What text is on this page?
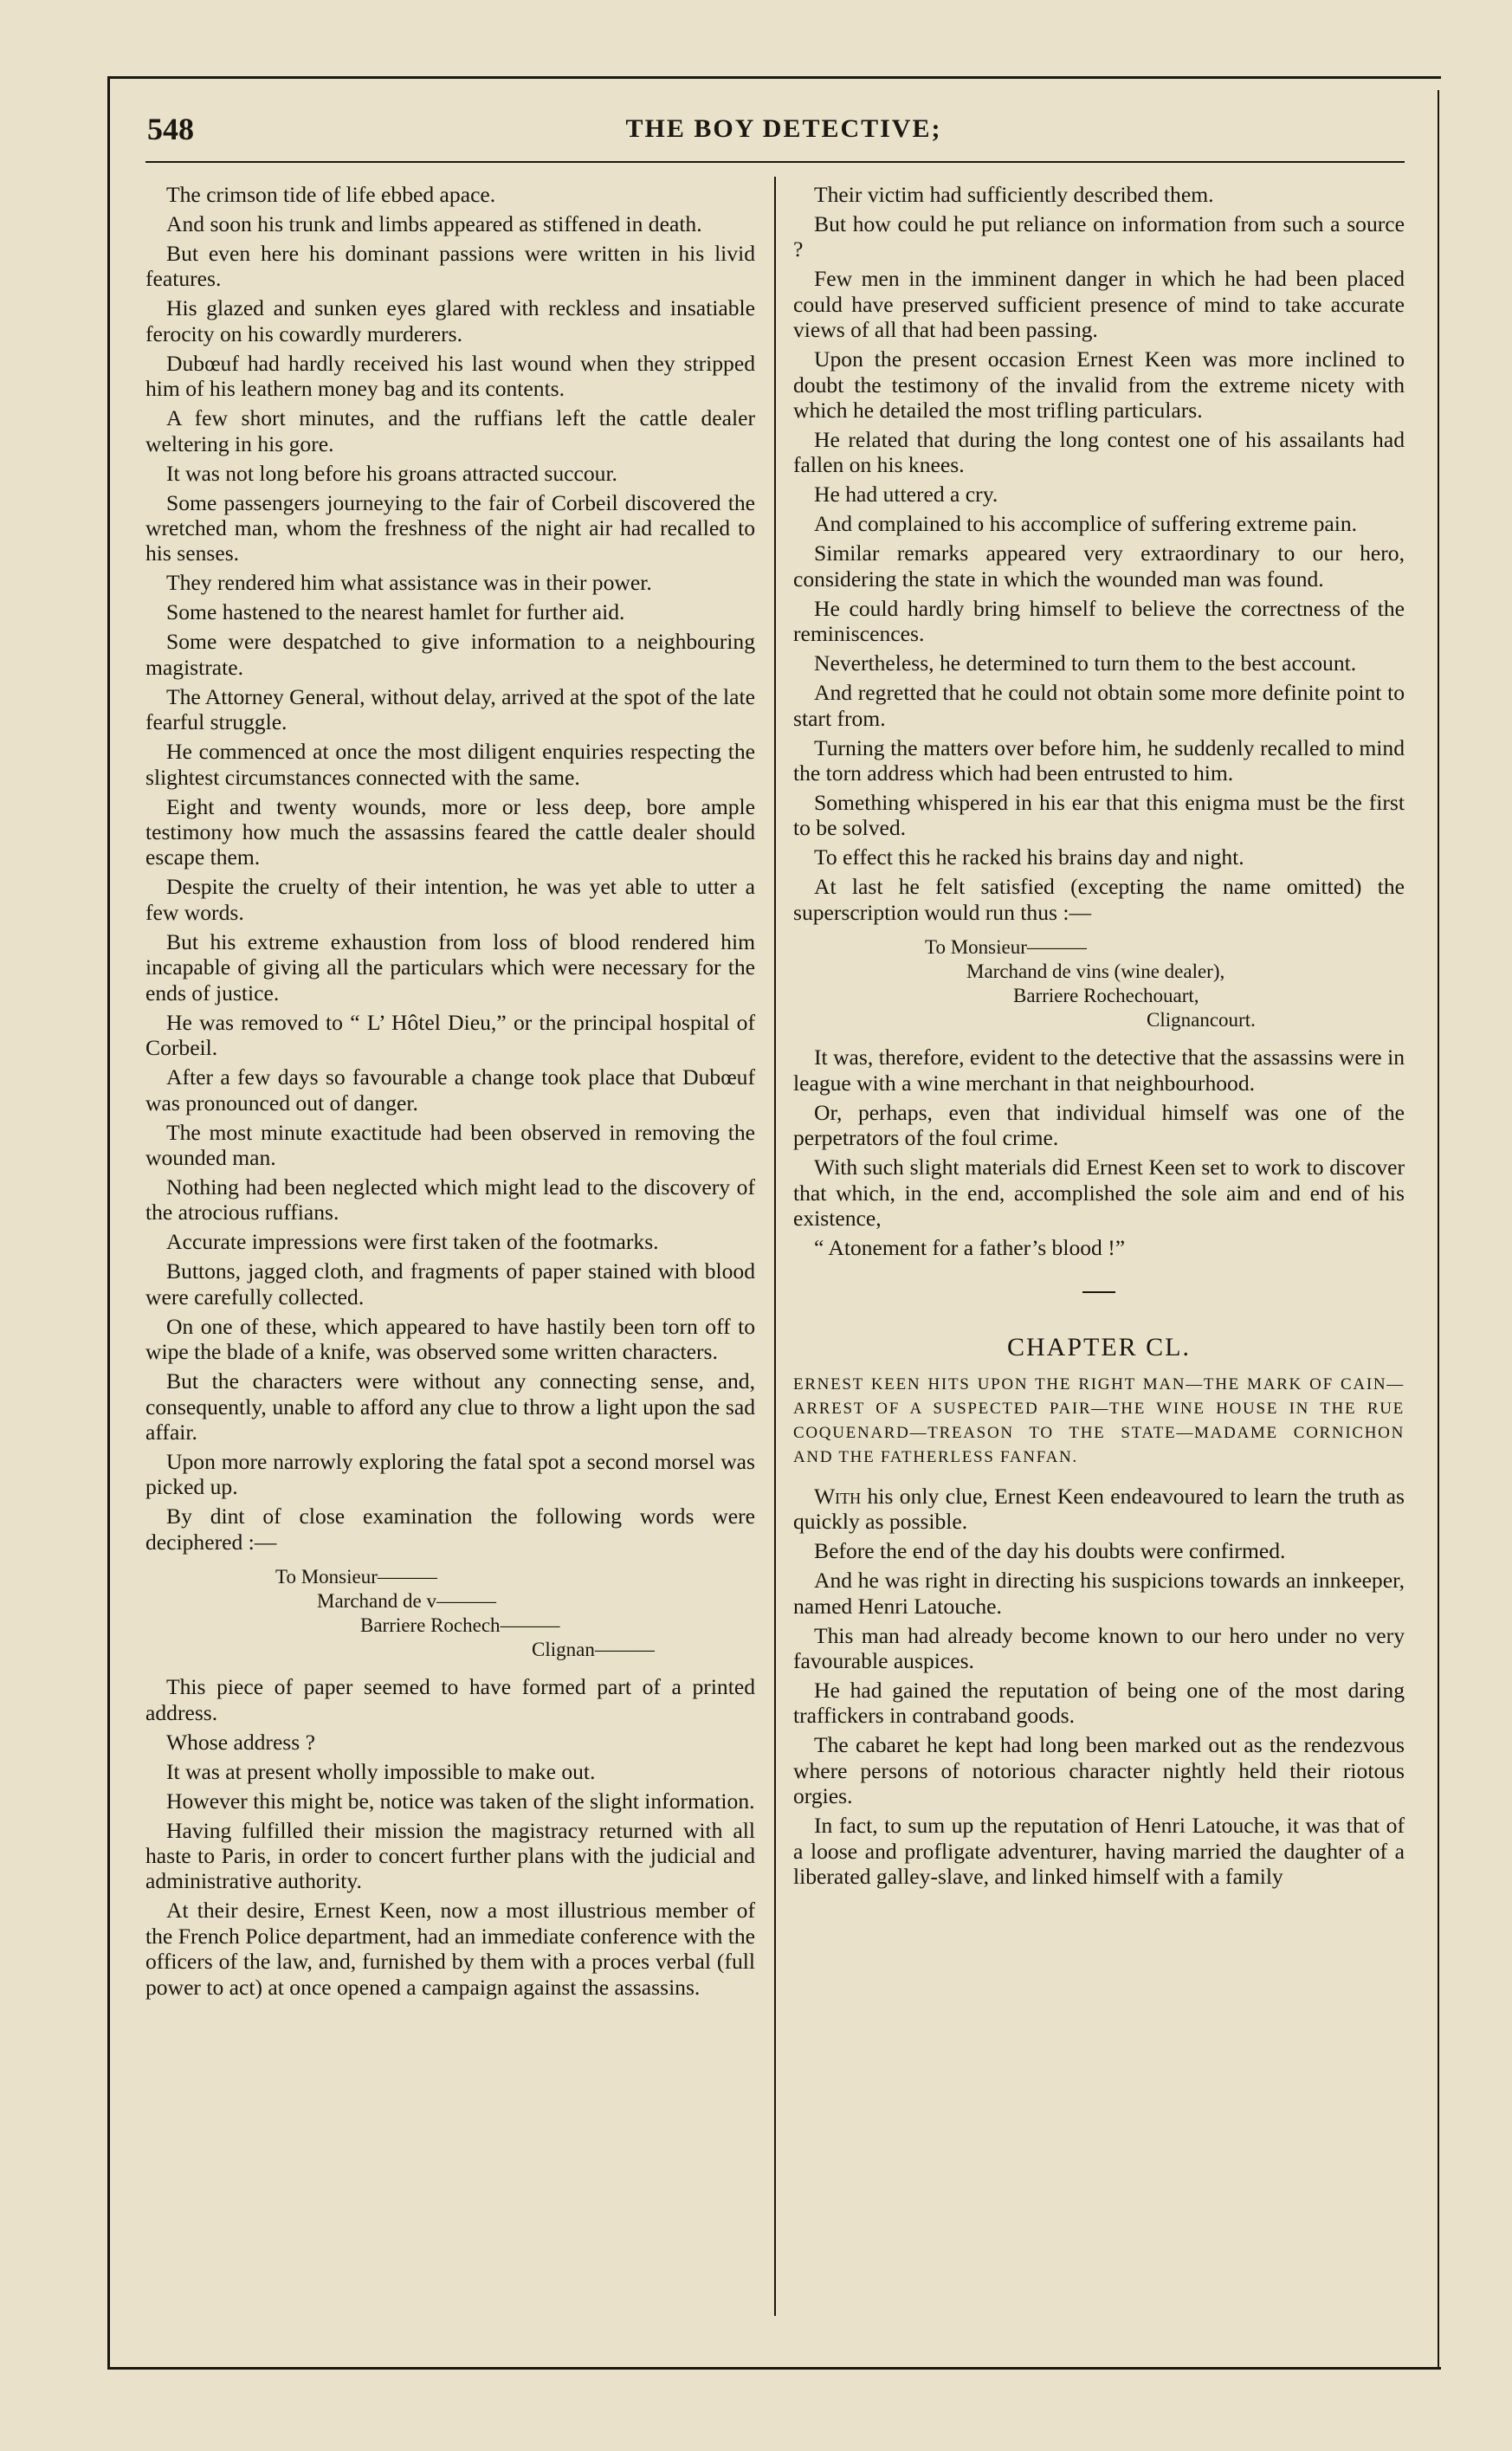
548	THE BOY DETECTIVE;

The crimson tide of life ebbed apace.

And soon his trunk and limbs appeared as stiffened in death.

But even here his dominant passions were written in his livid features.

His glazed and sunken eyes glared with reckless and insatiable ferocity on his cowardly murderers.

Dubœuf had hardly received his last wound when they stripped him of his leathern money bag and its contents.

A few short minutes, and the ruffians left the cattle dealer weltering in his gore.

It was not long before his groans attracted succour.

Some passengers journeying to the fair of Corbeil discovered the wretched man, whom the freshness of the night air had recalled to his senses.

They rendered him what assistance was in their power.

Some hastened to the nearest hamlet for further aid.

Some were despatched to give information to a neighbouring magistrate.

The Attorney General, without delay, arrived at the spot of the late fearful struggle.

He commenced at once the most diligent enquiries respecting the slightest circumstances connected with the same.

Eight and twenty wounds, more or less deep, bore ample testimony how much the assassins feared the cattle dealer should escape them.

Despite the cruelty of their intention, he was yet able to utter a few words.

But his extreme exhaustion from loss of blood rendered him incapable of giving all the particulars which were necessary for the ends of justice.

He was removed to “ L’ Hôtel Dieu,” or the principal hospital of Corbeil.

After a few days so favourable a change took place that Dubœuf was pronounced out of danger.

The most minute exactitude had been observed in removing the wounded man.

Nothing had been neglected which might lead to the discovery of the atrocious ruffians.

Accurate impressions were first taken of the footmarks.

Buttons, jagged cloth, and fragments of paper stained with blood were carefully collected.

On one of these, which appeared to have hastily been torn off to wipe the blade of a knife, was observed some written characters.

But the characters were without any connecting sense, and, consequently, unable to afford any clue to throw a light upon the sad affair.

Upon more narrowly exploring the fatal spot a second morsel was picked up.

By dint of close examination the following words were deciphered :—

To Monsieur———
Marchand de v———
Barriere Rochech———
Clignan———

This piece of paper seemed to have formed part of a printed address.

Whose address ?

It was at present wholly impossible to make out.

However this might be, notice was taken of the slight information.

Having fulfilled their mission the magistracy returned with all haste to Paris, in order to concert further plans with the judicial and administrative authority.

At their desire, Ernest Keen, now a most illustrious member of the French Police department, had an immediate conference with the officers of the law, and, furnished by them with a proces verbal (full power to act) at once opened a campaign against the assassins.

Their victim had sufficiently described them.

But how could he put reliance on information from such a source ?

Few men in the imminent danger in which he had been placed could have preserved sufficient presence of mind to take accurate views of all that had been passing.

Upon the present occasion Ernest Keen was more inclined to doubt the testimony of the invalid from the extreme nicety with which he detailed the most trifling particulars.

He related that during the long contest one of his assailants had fallen on his knees.

He had uttered a cry.

And complained to his accomplice of suffering extreme pain.

Similar remarks appeared very extraordinary to our hero, considering the state in which the wounded man was found.

He could hardly bring himself to believe the correctness of the reminiscences.

Nevertheless, he determined to turn them to the best account.

And regretted that he could not obtain some more definite point to start from.

Turning the matters over before him, he suddenly recalled to mind the torn address which had been entrusted to him.

Something whispered in his ear that this enigma must be the first to be solved.

To effect this he racked his brains day and night.

At last he felt satisfied (excepting the name omitted) the superscription would run thus :—

To Monsieur———
Marchand de vins (wine dealer),
Barriere Rochechouart,
Clignancourt.

It was, therefore, evident to the detective that the assassins were in league with a wine merchant in that neighbourhood.

Or, perhaps, even that individual himself was one of the perpetrators of the foul crime.

With such slight materials did Ernest Keen set to work to discover that which, in the end, accomplished the sole aim and end of his existence,

“ Atonement for a father’s blood !”

CHAPTER CL.
ERNEST KEEN HITS UPON THE RIGHT MAN—THE MARK OF CAIN—ARREST OF A SUSPECTED PAIR—THE WINE HOUSE IN THE RUE COQUENARD—TREASON TO THE STATE—MADAME CORNICHON AND THE FATHERLESS FANFAN.

With his only clue, Ernest Keen endeavoured to learn the truth as quickly as possible.

Before the end of the day his doubts were confirmed.

And he was right in directing his suspicions towards an innkeeper, named Henri Latouche.

This man had already become known to our hero under no very favourable auspices.

He had gained the reputation of being one of the most daring traffickers in contraband goods.

The cabaret he kept had long been marked out as the rendezvous where persons of notorious character nightly held their riotous orgies.

In fact, to sum up the reputation of Henri Latouche, it was that of a loose and profligate adventurer, having married the daughter of a liberated galley-slave, and linked himself with a family
